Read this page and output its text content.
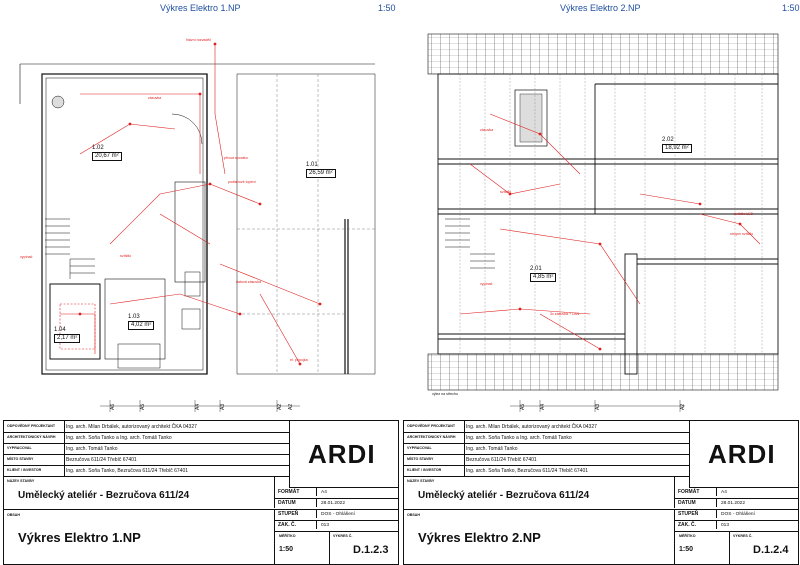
Výkres Elektro 1.NP	1:50
1.02
20,67 m²
1.01
26,59 m²
1.03
4,02 m²
1.04
2,17 m²
hlavní rozvaděč
zásuvka
podlahové topení
přívod sporáku
svítidlo
vypínač
datová zásuvka
el. přípojka
A6	A5	A4	A3	A2 A2
ODPOVĚDNÝ PROJEKTANT Ing. arch. Milan Drbálek, autorizovaný architekt ČKA 04327
ARCHITEKTONICKÝ NÁVRH Ing. arch. Soňa Tanko a Ing. arch. Tomáš Tanko
VYPRACOVAL	Ing. arch. Tomáš Tanko
MÍSTO STAVBY	Bezručova 611/24 Třebíč 67401
KLIENT / INVESTOR	Ing. arch. Soňa Tanko, Bezručova 611/24 Třebíč 67401
ARDI
NÁZEV STAVBY
Umělecký ateliér - Bezručova 611/24
OBSAH
Výkres Elektro 1.NP
FORMÁT	A4
DATUM	28.01.2022
STUPEŇ	DOS - Ohlášení
ZAK. Č.	013
MĚŘÍTKO
1:50
VÝKRES Č.
D.1.2.3
Výkres Elektro 2.NP	1:50
2.02
18,92 m²
2.01
4,85 m²
zásuvka
svítidlo
vypínač
3x zásuvka + LAN
svítidlo LED
výlez na střechu
stropní svítidlo
A5	A4	A3	A2
ODPOVĚDNÝ PROJEKTANT Ing. arch. Milan Drbálek, autorizovaný architekt ČKA 04327
ARCHITEKTONICKÝ NÁVRH Ing. arch. Soňa Tanko a Ing. arch. Tomáš Tanko
VYPRACOVAL	Ing. arch. Tomáš Tanko
MÍSTO STAVBY	Bezručova 611/24 Třebíč 67401
KLIENT / INVESTOR	Ing. arch. Soňa Tanko, Bezručova 611/24 Třebíč 67401
ARDI
NÁZEV STAVBY
Umělecký ateliér - Bezručova 611/24
OBSAH
Výkres Elektro 2.NP
FORMÁT	A4
DATUM	28.01.2022
STUPEŇ	DOS - Ohlášení
ZAK. Č.	013
MĚŘÍTKO
1:50
VÝKRES Č.
D.1.2.4
